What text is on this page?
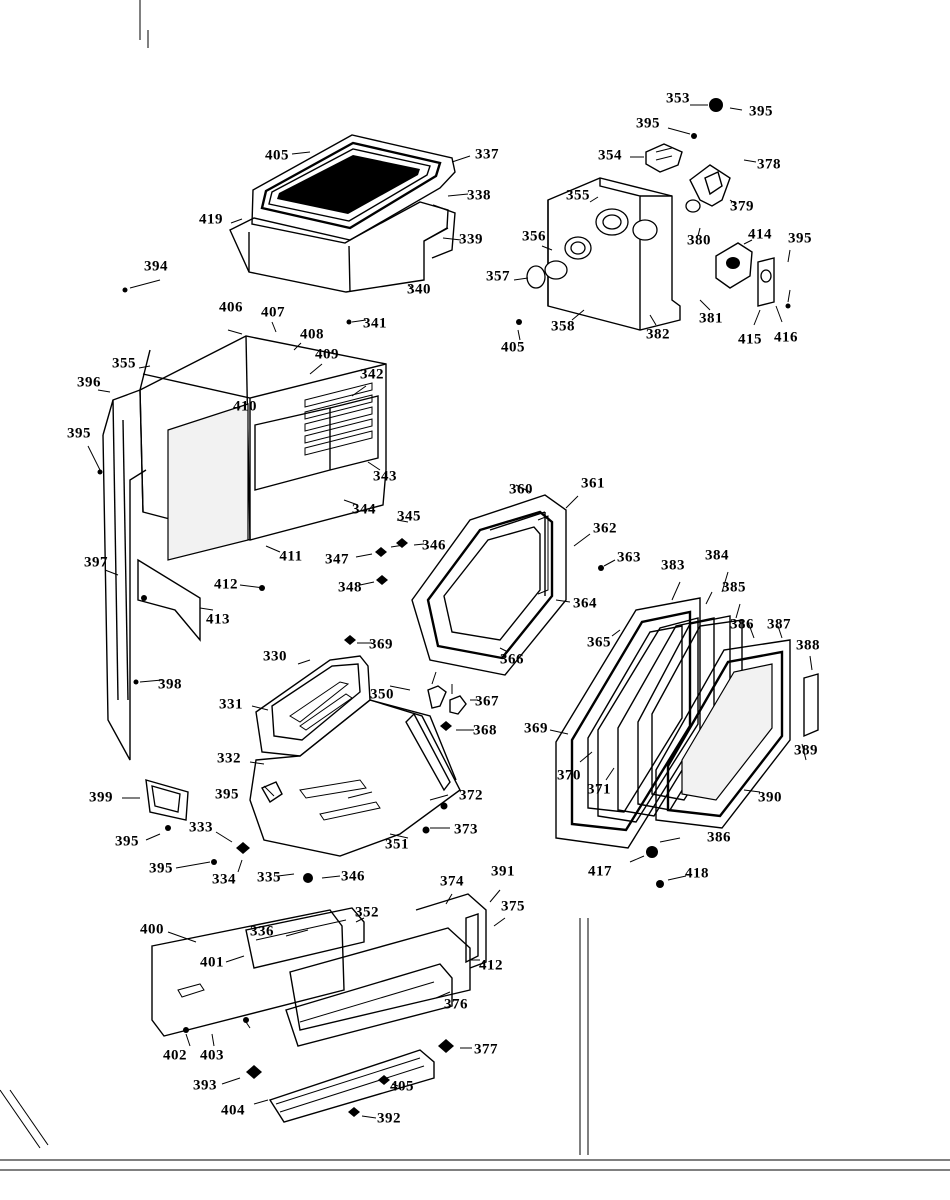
405	337
338
419
339
340
394
406 407
408
341
409
342
355
396
410
395
343
344 345
346
347
348
397	411
412
413
398
360	361
362
363 383
384
385
364
386 387
365
366
369	388
367
368 369
389
370
371	390
330
331
350
332
372
373
399	395
351
333
395
395
334 335	346
386
417	418
374
391
375
400	336
352
412
401
376
402 403	377
393	405
404	392
353
395
395
354
378
379
355
356	380 414 395
357
381
382
358
405	415 416
